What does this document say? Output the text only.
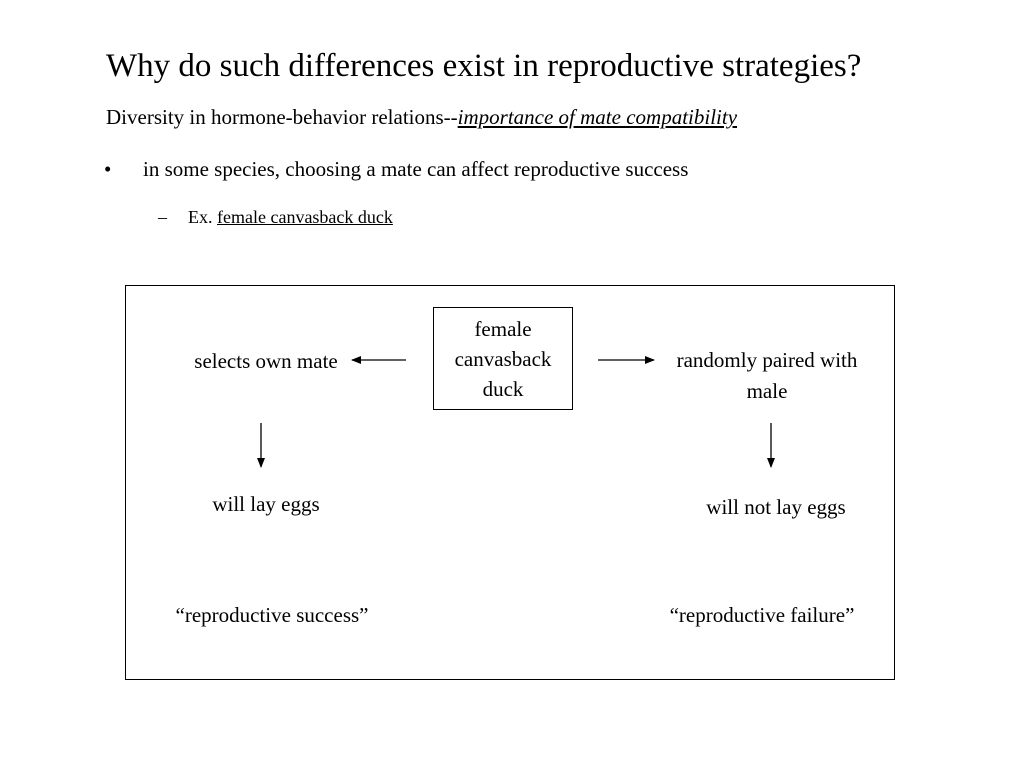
Why do such differences exist in reproductive strategies?
Diversity in hormone-behavior relations--importance of mate compatibility
• in some species, choosing a mate can affect reproductive success
– Ex. female canvasback duck
female canvasback duck
selects own mate	randomly paired with male
will lay eggs	will not lay eggs
“reproductive success”	“reproductive failure”
